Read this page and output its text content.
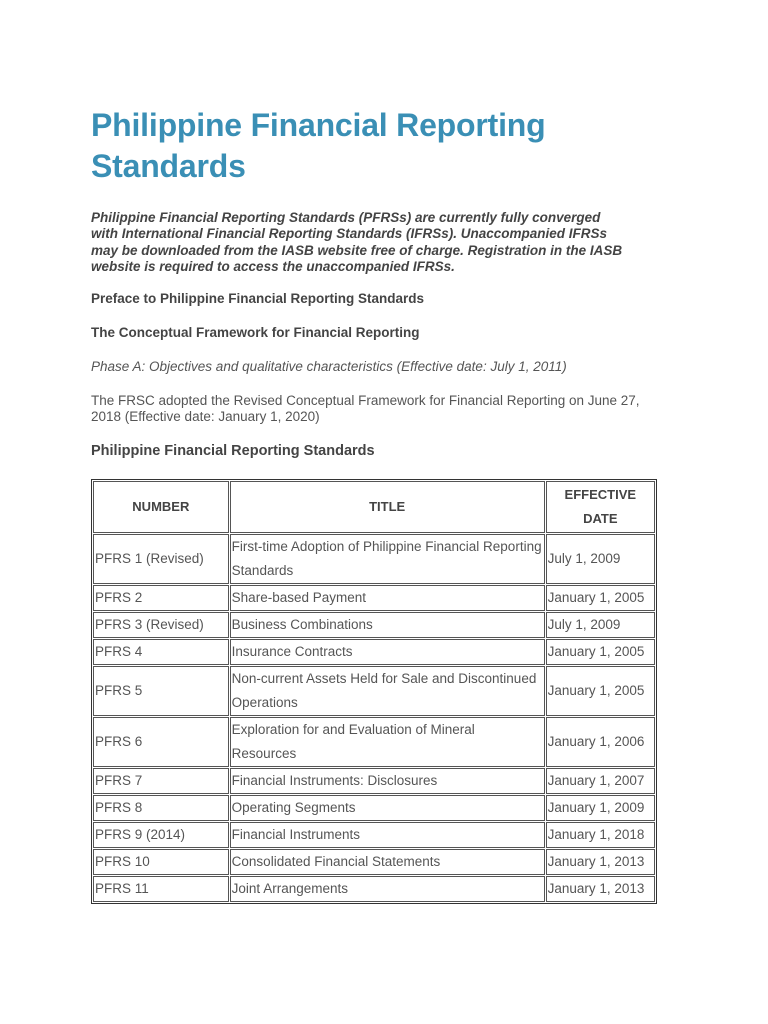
Philippine Financial Reporting Standards

Philippine Financial Reporting Standards (PFRSs) are currently fully converged with International Financial Reporting Standards (IFRSs). Unaccompanied IFRSs may be downloaded from the IASB website free of charge. Registration in the IASB website is required to access the unaccompanied IFRSs.

Preface to Philippine Financial Reporting Standards
The Conceptual Framework for Financial Reporting
Phase A: Objectives and qualitative characteristics (Effective date: July 1, 2011)
The FRSC adopted the Revised Conceptual Framework for Financial Reporting on June 27, 2018 (Effective date: January 1, 2020)
Philippine Financial Reporting Standards
NUMBER	TITLE	EFFECTIVE DATE
PFRS 1 (Revised)	First-time Adoption of Philippine Financial Reporting Standards	July 1, 2009
PFRS 2	Share-based Payment	January 1, 2005
PFRS 3 (Revised)	Business Combinations	July 1, 2009
PFRS 4	Insurance Contracts	January 1, 2005
PFRS 5	Non-current Assets Held for Sale and Discontinued Operations	January 1, 2005
PFRS 6	Exploration for and Evaluation of Mineral Resources	January 1, 2006
PFRS 7	Financial Instruments: Disclosures	January 1, 2007
PFRS 8	Operating Segments	January 1, 2009
PFRS 9 (2014)	Financial Instruments	January 1, 2018
PFRS 10	Consolidated Financial Statements	January 1, 2013
PFRS 11	Joint Arrangements	January 1, 2013
